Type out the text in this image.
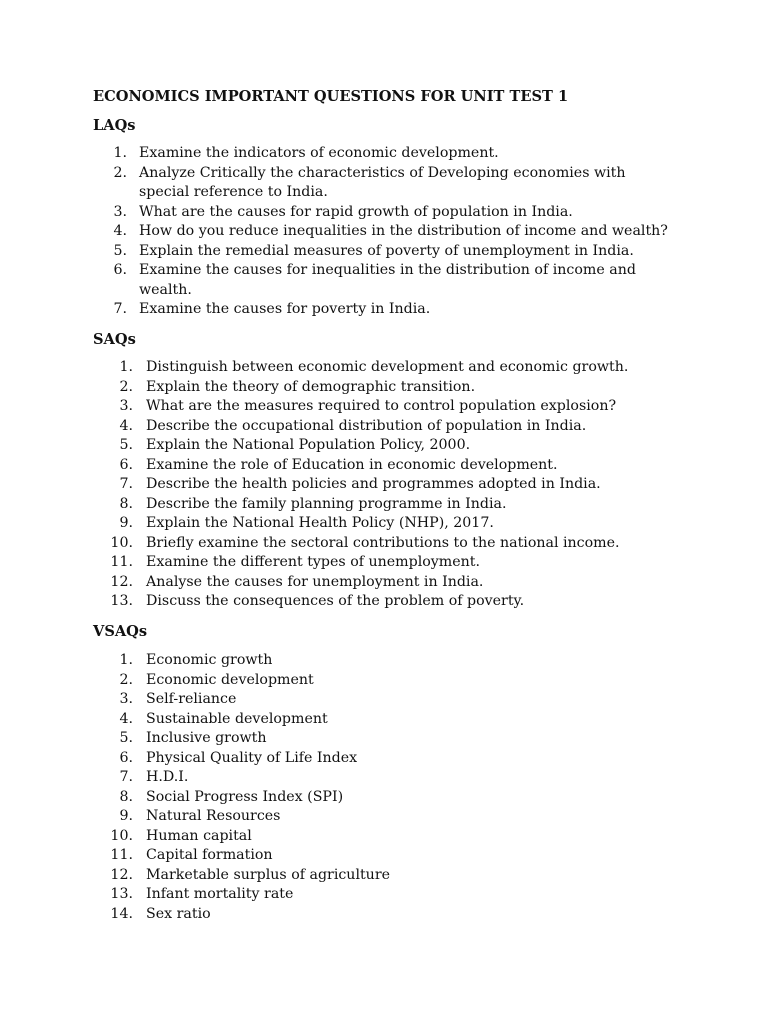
ECONOMICS IMPORTANT QUESTIONS FOR UNIT TEST 1
LAQs
1. Examine the indicators of economic development.
2. Analyze Critically the characteristics of Developing economies with special reference to India.
3. What are the causes for rapid growth of population in India.
4. How do you reduce inequalities in the distribution of income and wealth?
5. Explain the remedial measures of poverty of unemployment in India.
6. Examine the causes for inequalities in the distribution of income and wealth.
7. Examine the causes for poverty in India.
SAQs
1. Distinguish between economic development and economic growth.
2. Explain the theory of demographic transition.
3. What are the measures required to control population explosion?
4. Describe the occupational distribution of population in India.
5. Explain the National Population Policy, 2000.
6. Examine the role of Education in economic development.
7. Describe the health policies and programmes adopted in India.
8. Describe the family planning programme in India.
9. Explain the National Health Policy (NHP), 2017.
10. Briefly examine the sectoral contributions to the national income.
11. Examine the different types of unemployment.
12. Analyse the causes for unemployment in India.
13. Discuss the consequences of the problem of poverty.
VSAQs
1. Economic growth
2. Economic development
3. Self-reliance
4. Sustainable development
5. Inclusive growth
6. Physical Quality of Life Index
7. H.D.I.
8. Social Progress Index (SPI)
9. Natural Resources
10. Human capital
11. Capital formation
12. Marketable surplus of agriculture
13. Infant mortality rate
14. Sex ratio
